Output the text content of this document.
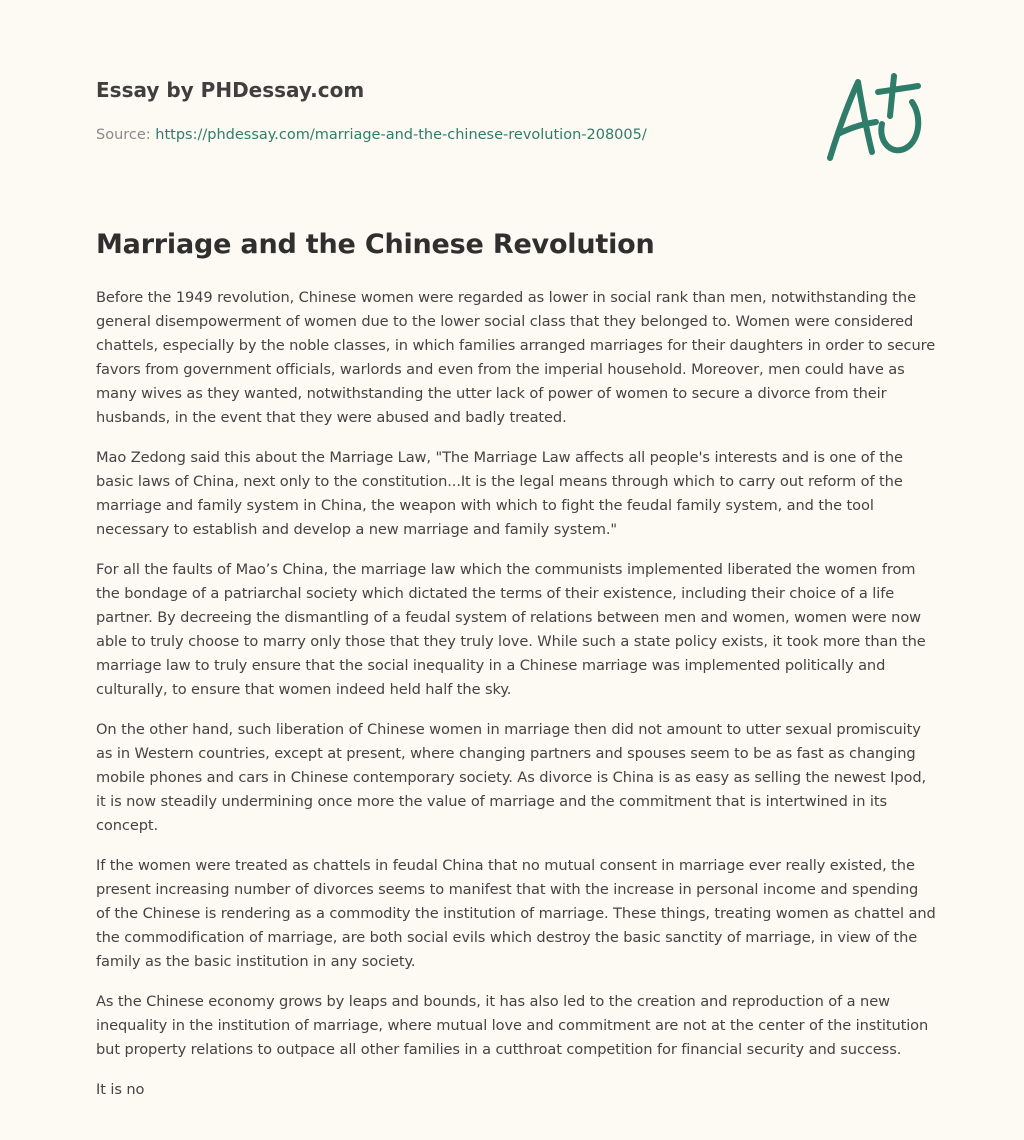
Essay by PHDessay.com
Source: https://phdessay.com/marriage-and-the-chinese-revolution-208005/
Marriage and the Chinese Revolution

Before the 1949 revolution, Chinese women were regarded as lower in social rank than men, notwithstanding the general disempowerment of women due to the lower social class that they belonged to. Women were considered chattels, especially by the noble classes, in which families arranged marriages for their daughters in order to secure favors from government officials, warlords and even from the imperial household. Moreover, men could have as many wives as they wanted, notwithstanding the utter lack of power of women to secure a divorce from their husbands, in the event that they were abused and badly treated.

Mao Zedong said this about the Marriage Law, "The Marriage Law affects all people's interests and is one of the basic laws of China, next only to the constitution...It is the legal means through which to carry out reform of the marriage and family system in China, the weapon with which to fight the feudal family system, and the tool necessary to establish and develop a new marriage and family system."

For all the faults of Mao’s China, the marriage law which the communists implemented liberated the women from the bondage of a patriarchal society which dictated the terms of their existence, including their choice of a life partner. By decreeing the dismantling of a feudal system of relations between men and women, women were now able to truly choose to marry only those that they truly love. While such a state policy exists, it took more than the marriage law to truly ensure that the social inequality in a Chinese marriage was implemented politically and culturally, to ensure that women indeed held half the sky.

On the other hand, such liberation of Chinese women in marriage then did not amount to utter sexual promiscuity as in Western countries, except at present, where changing partners and spouses seem to be as fast as changing mobile phones and cars in Chinese contemporary society. As divorce is China is as easy as selling the newest Ipod, it is now steadily undermining once more the value of marriage and the commitment that is intertwined in its concept.

If the women were treated as chattels in feudal China that no mutual consent in marriage ever really existed, the present increasing number of divorces seems to manifest that with the increase in personal income and spending of the Chinese is rendering as a commodity the institution of marriage. These things, treating women as chattel and the commodification of marriage, are both social evils which destroy the basic sanctity of marriage, in view of the family as the basic institution in any society.

As the Chinese economy grows by leaps and bounds, it has also led to the creation and reproduction of a new inequality in the institution of marriage, where mutual love and commitment are not at the center of the institution but property relations to outpace all other families in a cutthroat competition for financial security and success.

It is no
